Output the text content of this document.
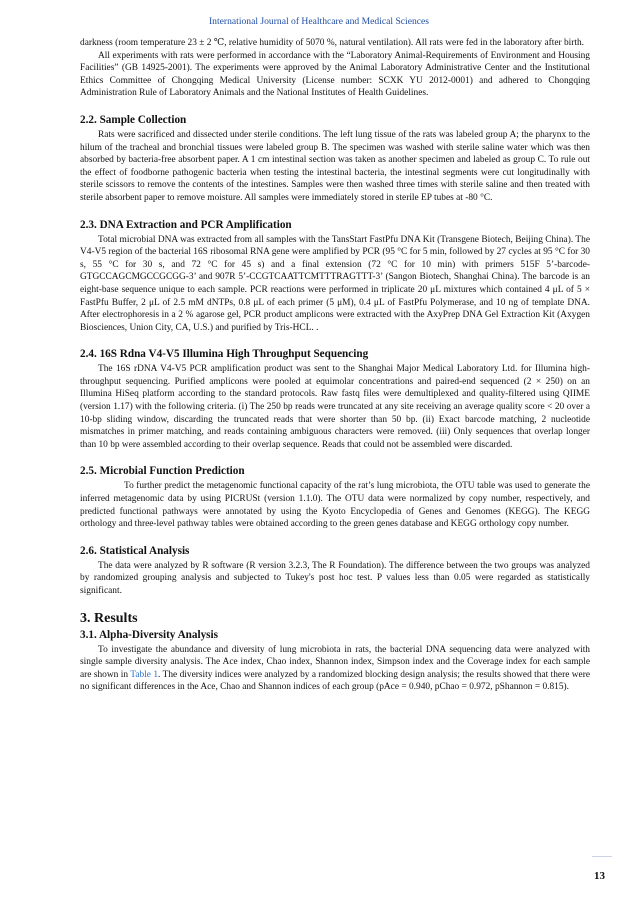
International Journal of Healthcare and Medical Sciences

darkness (room temperature 23 ± 2 ℃, relative humidity of 5070 %, natural ventilation). All rats were fed in the laboratory after birth.

All experiments with rats were performed in accordance with the “Laboratory Animal-Requirements of Environment and Housing Facilities” (GB 14925-2001). The experiments were approved by the Animal Laboratory Administrative Center and the Institutional Ethics Committee of Chongqing Medical University (License number: SCXK YU 2012-0001) and adhered to Chongqing Administration Rule of Laboratory Animals and the National Institutes of Health Guidelines.

2.2. Sample Collection

Rats were sacrificed and dissected under sterile conditions. The left lung tissue of the rats was labeled group A; the pharynx to the hilum of the tracheal and bronchial tissues were labeled group B. The specimen was washed with sterile saline water which was then absorbed by bacteria-free absorbent paper. A 1 cm intestinal section was taken as another specimen and labeled as group C. To rule out the effect of foodborne pathogenic bacteria when testing the intestinal bacteria, the intestinal segments were cut longitudinally with sterile scissors to remove the contents of the intestines. Samples were then washed three times with sterile saline and then treated with sterile absorbent paper to remove moisture. All samples were immediately stored in sterile EP tubes at -80 °C.

2.3. DNA Extraction and PCR Amplification

Total microbial DNA was extracted from all samples with the TansStart FastPfu DNA Kit (Transgene Biotech, Beijing China). The V4-V5 region of the bacterial 16S ribosomal RNA gene were amplified by PCR (95 °C for 5 min, followed by 27 cycles at 95 °C for 30 s, 55 °C for 30 s, and 72 °C for 45 s) and a final extension (72 °C for 10 min) with primers 515F 5’-barcode-GTGCCAGCMGCCGCGG-3’ and 907R 5’-CCGTCAATTCMTTTRAGTTT-3’ (Sangon Biotech, Shanghai China). The barcode is an eight-base sequence unique to each sample. PCR reactions were performed in triplicate 20 μL mixtures which contained 4 μL of 5 × FastPfu Buffer, 2 μL of 2.5 mM dNTPs, 0.8 μL of each primer (5 μM), 0.4 μL of FastPfu Polymerase, and 10 ng of template DNA. After electrophoresis in a 2 % agarose gel, PCR product amplicons were extracted with the AxyPrep DNA Gel Extraction Kit (Axygen Biosciences, Union City, CA, U.S.) and purified by Tris-HCL. .

2.4. 16S Rdna V4-V5 Illumina High Throughput Sequencing

The 16S rDNA V4-V5 PCR amplification product was sent to the Shanghai Major Medical Laboratory Ltd. for Illumina high-throughput sequencing. Purified amplicons were pooled at equimolar concentrations and paired-end sequenced (2 × 250) on an Illumina HiSeq platform according to the standard protocols. Raw fastq files were demultiplexed and quality-filtered using QIIME (version 1.17) with the following criteria. (i) The 250 bp reads were truncated at any site receiving an average quality score < 20 over a 10-bp sliding window, discarding the truncated reads that were shorter than 50 bp. (ii) Exact barcode matching, 2 nucleotide mismatches in primer matching, and reads containing ambiguous characters were removed. (iii) Only sequences that overlap longer than 10 bp were assembled according to their overlap sequence. Reads that could not be assembled were discarded.

2.5. Microbial Function Prediction

To further predict the metagenomic functional capacity of the rat’s lung microbiota, the OTU table was used to generate the inferred metagenomic data by using PICRUSt (version 1.1.0). The OTU data were normalized by copy number, respectively, and predicted functional pathways were annotated by using the Kyoto Encyclopedia of Genes and Genomes (KEGG). The KEGG orthology and three-level pathway tables were obtained according to the green genes database and KEGG orthology copy number.

2.6. Statistical Analysis

The data were analyzed by R software (R version 3.2.3, The R Foundation). The difference between the two groups was analyzed by randomized grouping analysis and subjected to Tukey's post hoc test. P values less than 0.05 were regarded as statistically significant.

3. Results
3.1. Alpha-Diversity Analysis

To investigate the abundance and diversity of lung microbiota in rats, the bacterial DNA sequencing data were analyzed with single sample diversity analysis. The Ace index, Chao index, Shannon index, Simpson index and the Coverage index for each sample are shown in Table 1. The diversity indices were analyzed by a randomized blocking design analysis; the results showed that there were no significant differences in the Ace, Chao and Shannon indices of each group (pAce = 0.940, pChao = 0.972, pShannon = 0.815).

13
